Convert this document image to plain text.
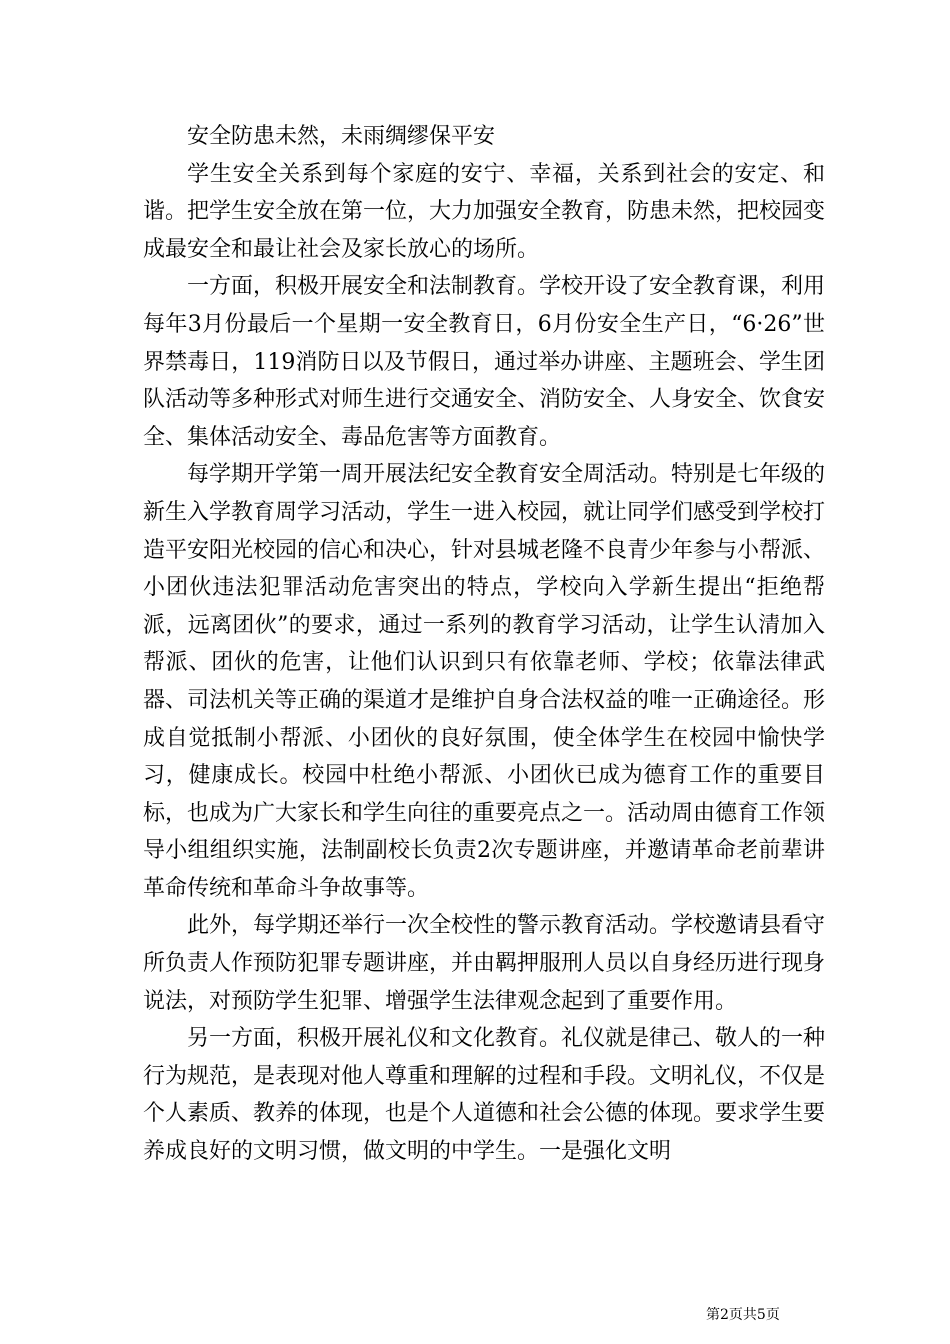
安全防患未然，未雨绸缪保平安

学生安全关系到每个家庭的安宁、幸福，关系到社会的安定、和谐。把学生安全放在第一位，大力加强安全教育，防患未然，把校园变成最安全和最让社会及家长放心的场所。

一方面，积极开展安全和法制教育。学校开设了安全教育课，利用每年3月份最后一个星期一安全教育日，6月份安全生产日，“6·26”世界禁毒日，119消防日以及节假日，通过举办讲座、主题班会、学生团队活动等多种形式对师生进行交通安全、消防安全、人身安全、饮食安全、集体活动安全、毒品危害等方面教育。

每学期开学第一周开展法纪安全教育安全周活动。特别是七年级的新生入学教育周学习活动，学生一进入校园，就让同学们感受到学校打造平安阳光校园的信心和决心，针对县城老隆不良青少年参与小帮派、小团伙违法犯罪活动危害突出的特点，学校向入学新生提出“拒绝帮派，远离团伙”的要求，通过一系列的教育学习活动，让学生认清加入帮派、团伙的危害，让他们认识到只有依靠老师、学校；依靠法律武器、司法机关等正确的渠道才是维护自身合法权益的唯一正确途径。形成自觉抵制小帮派、小团伙的良好氛围，使全体学生在校园中愉快学习，健康成长。校园中杜绝小帮派、小团伙已成为德育工作的重要目标，也成为广大家长和学生向往的重要亮点之一。活动周由德育工作领导小组组织实施，法制副校长负责2次专题讲座，并邀请革命老前辈讲革命传统和革命斗争故事等。

此外，每学期还举行一次全校性的警示教育活动。学校邀请县看守所负责人作预防犯罪专题讲座，并由羁押服刑人员以自身经历进行现身说法，对预防学生犯罪、增强学生法律观念起到了重要作用。

另一方面，积极开展礼仪和文化教育。礼仪就是律己、敬人的一种行为规范，是表现对他人尊重和理解的过程和手段。文明礼仪，不仅是个人素质、教养的体现，也是个人道德和社会公德的体现。要求学生要养成良好的文明习惯，做文明的中学生。一是强化文明

第2页共5页
